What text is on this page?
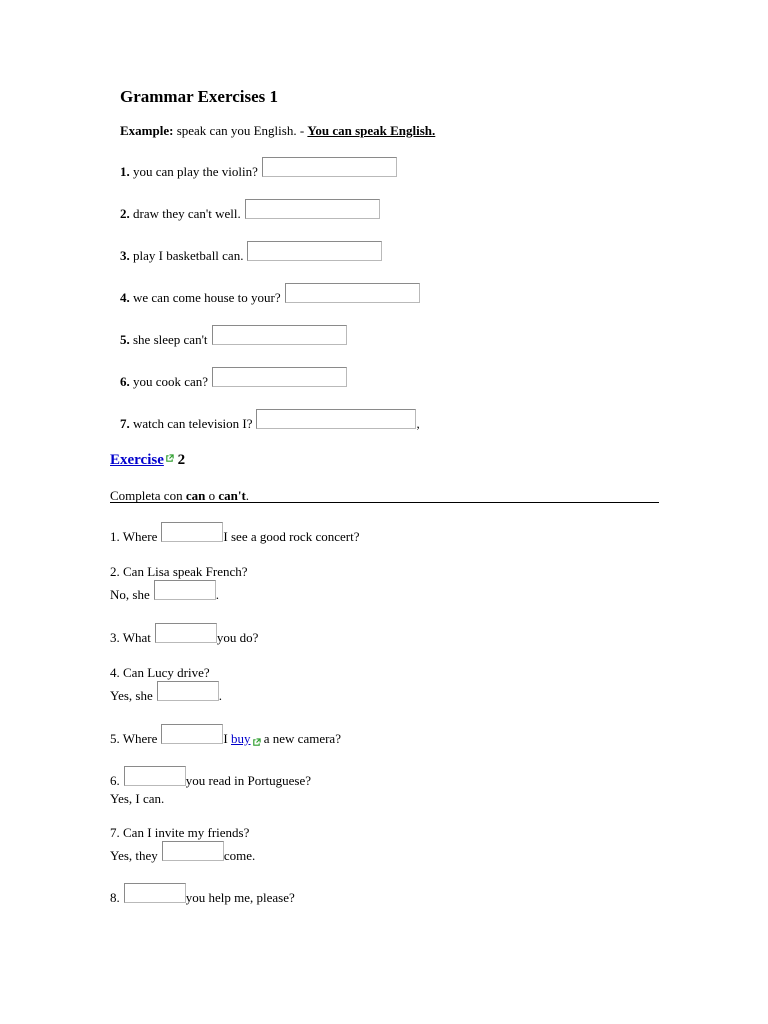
Grammar Exercises 1
Example: speak can you English. - You can speak English.
1.
you can play the violin?
2.
draw they can't well.
3.
play I basketball can.
4.
we can come house to your?
5.
she sleep can't
6.
you cook can?
7.
watch can television I?	,
Exercise 2
Completa con can o can't.
1. Where	I see a good rock concert?
2. Can Lisa speak French?
No, she	.
3. What	you do?
4. Can Lucy drive?
Yes, she	.
5. Where	I
buy
a new camera?
6.	you read in Portuguese?
Yes, I can.
7. Can I invite my friends?
Yes, they	come.
8.	you help me, please?
